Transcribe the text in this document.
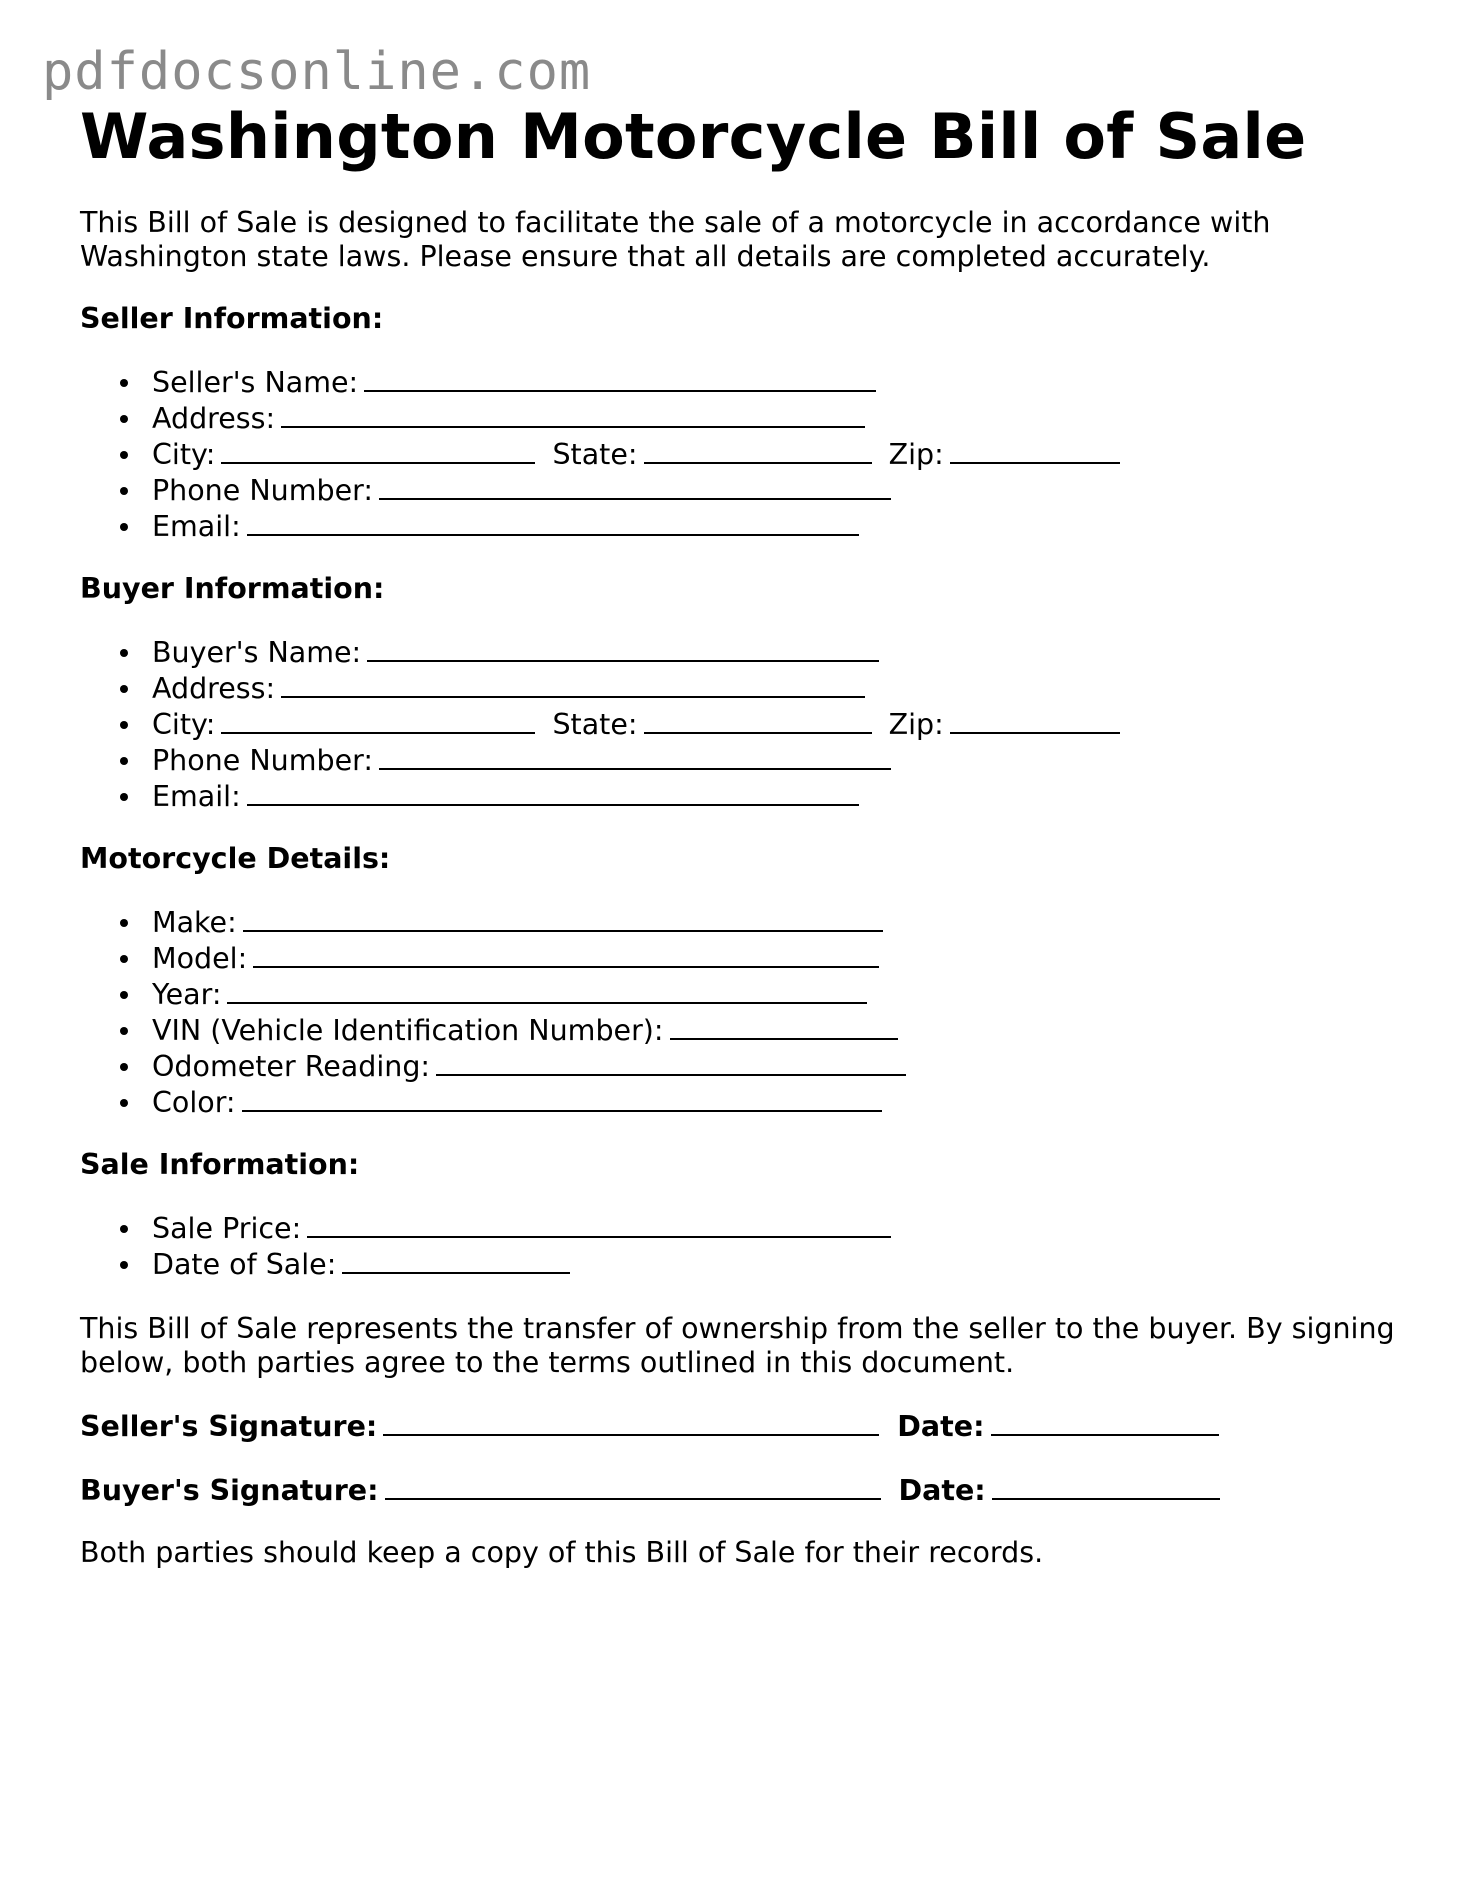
pdfdocsonline.com
Washington Motorcycle Bill of Sale

This Bill of Sale is designed to facilitate the sale of a motorcycle in accordance with Washington state laws. Please ensure that all details are completed accurately.

Seller Information:
Seller's Name:
Address:
City:	State:	Zip:
Phone Number:
Email:
Buyer Information:
Buyer's Name:
Address:
City:	State:	Zip:
Phone Number:
Email:
Motorcycle Details:
Make:
Model:
Year:
VIN (Vehicle Identification Number):
Odometer Reading:
Color:
Sale Information:
Sale Price:
Date of Sale:

This Bill of Sale represents the transfer of ownership from the seller to the buyer. By signing below, both parties agree to the terms outlined in this document.

Seller's Signature:	Date:
Buyer's Signature:	Date:

Both parties should keep a copy of this Bill of Sale for their records.
